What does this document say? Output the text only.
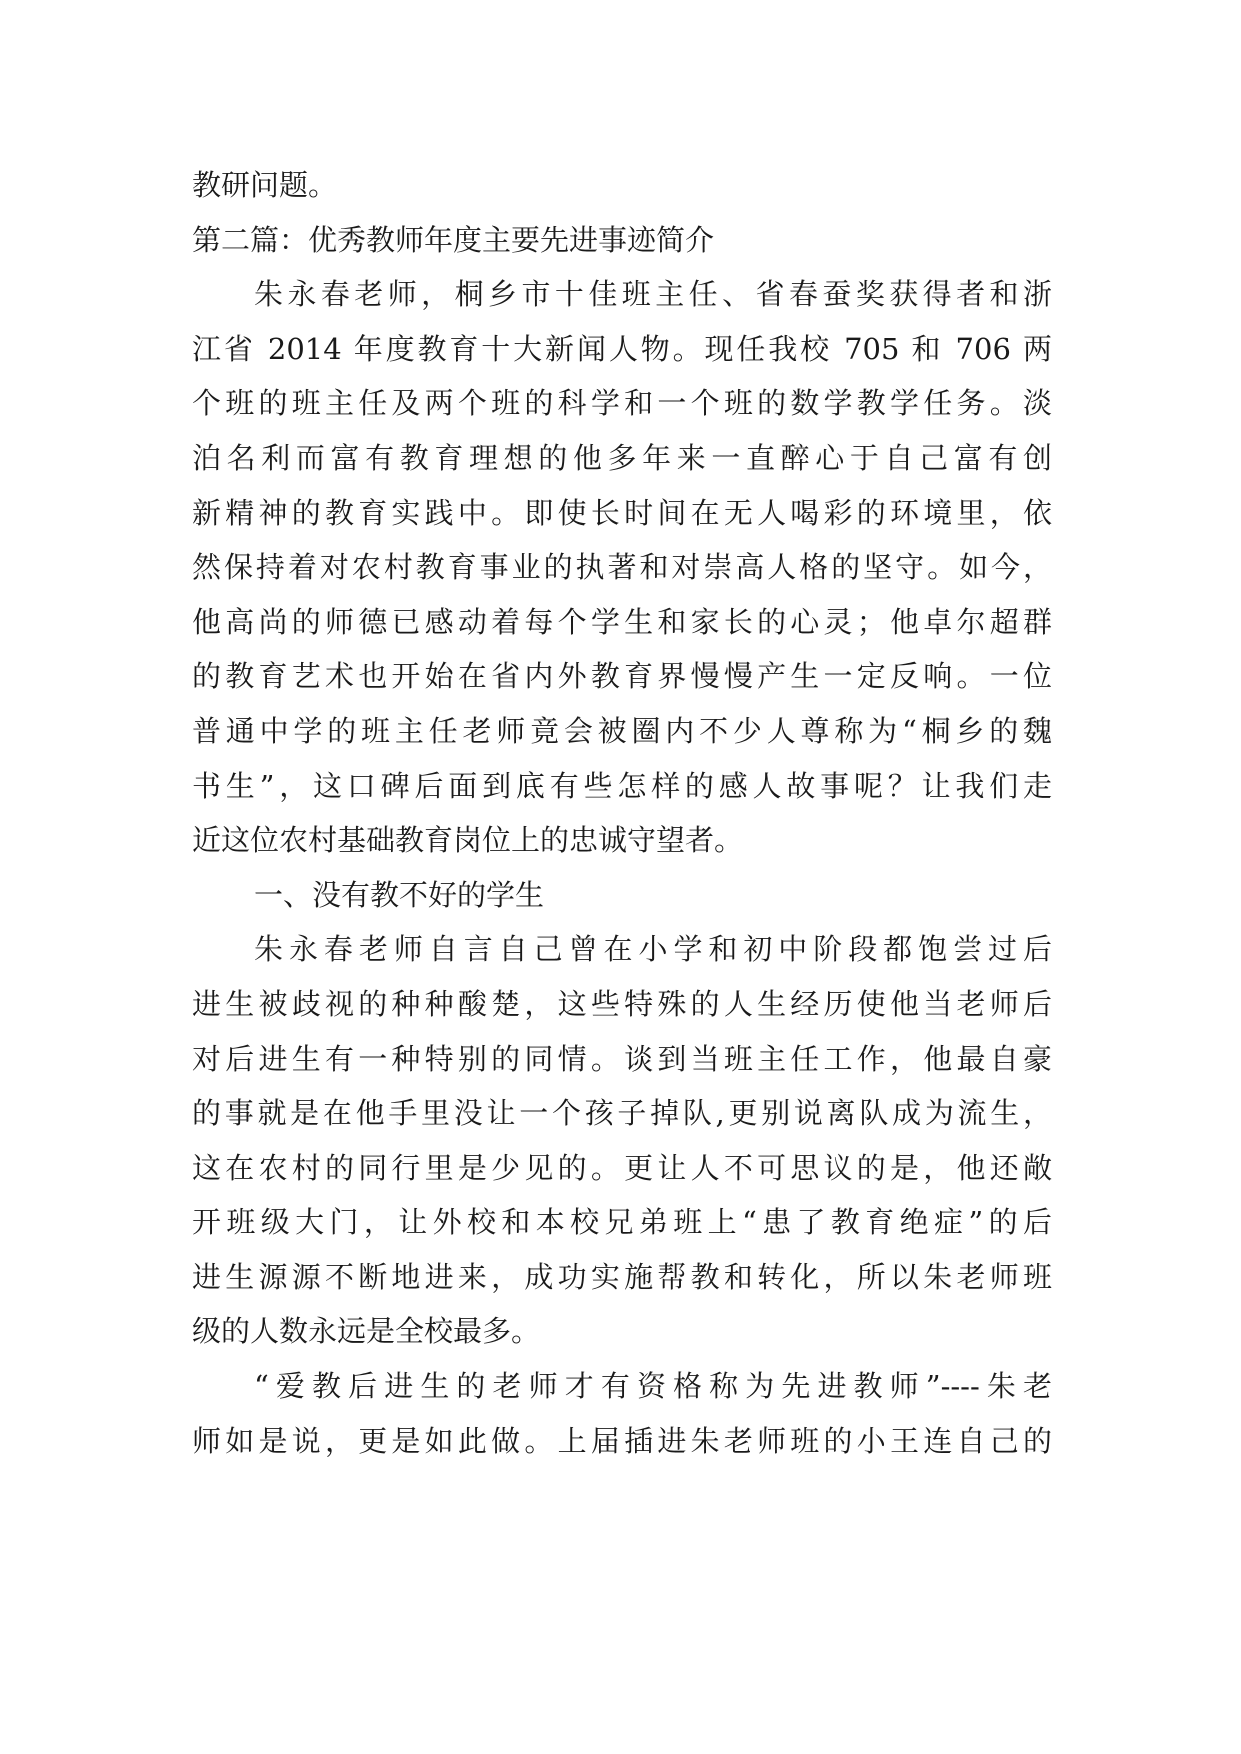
教研问题。
第二篇：优秀教师年度主要先进事迹简介
朱永春老师，桐乡市十佳班主任、省春蚕奖获得者和浙
江省 2014 年度教育十大新闻人物。现任我校 705 和 706 两
个班的班主任及两个班的科学和一个班的数学教学任务。淡
泊名利而富有教育理想的他多年来一直醉心于自己富有创
新精神的教育实践中。即使长时间在无人喝彩的环境里，依
然保持着对农村教育事业的执著和对崇高人格的坚守。如今，
他高尚的师德已感动着每个学生和家长的心灵；他卓尔超群
的教育艺术也开始在省内外教育界慢慢产生一定反响。一位
普通中学的班主任老师竟会被圈内不少人尊称为“桐乡的魏
书生”，这口碑后面到底有些怎样的感人故事呢？让我们走
近这位农村基础教育岗位上的忠诚守望者。
一、没有教不好的学生
朱永春老师自言自己曾在小学和初中阶段都饱尝过后
进生被歧视的种种酸楚，这些特殊的人生经历使他当老师后
对后进生有一种特别的同情。谈到当班主任工作，他最自豪
的事就是在他手里没让一个孩子掉队,更别说离队成为流生，
这在农村的同行里是少见的。更让人不可思议的是，他还敞
开班级大门，让外校和本校兄弟班上“患了教育绝症”的后
进生源源不断地进来，成功实施帮教和转化，所以朱老师班
级的人数永远是全校最多。
“爱教后进生的老师才有资格称为先进教师”----朱老
师如是说，更是如此做。上届插进朱老师班的小王连自己的
